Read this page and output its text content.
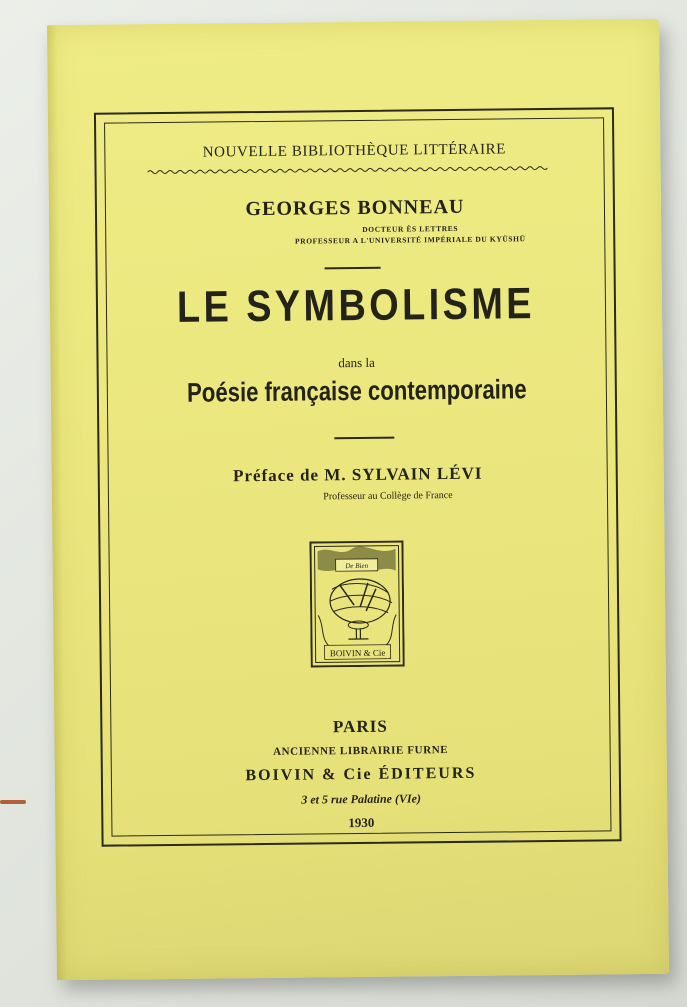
NOUVELLE BIBLIOTHÈQUE LITTÉRAIRE
GEORGES BONNEAU
DOCTEUR ÈS LETTRES
PROFESSEUR A L'UNIVERSITÉ IMPÉRIALE DU KYŪSHŪ
LE SYMBOLISME
dans la
Poésie française contemporaine
Préface de M. SYLVAIN LÉVI
Professeur au Collège de France
De Bien
BOIVIN & Cie
PARIS
ANCIENNE LIBRAIRIE FURNE
BOIVIN & Cie ÉDITEURS
3 et 5 rue Palatine (VIe)
1930
